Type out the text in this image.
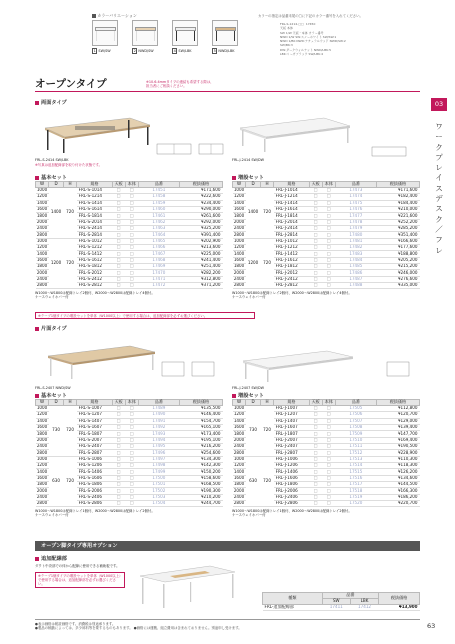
カラーバリエーション
1 SW/SW	2 NWD/SW	4 SW/LBK	5 NWD/LBK
カラーの指定は品番末尾の□に下記のカラー番号を入れてください。
FRL-S-1214-□□ 17450
天板 本体
SW 1/W 天板・本体 カラー番号
NWD 1/W SW:スノーホワイト SW/SW:1
NWD 1/BK NWD:ナチュラルウッド NWD/SW:2
SW/BK:3
DW:ダークウォルナット NWD/LBK:5
LBK:リーガブラック SW/LBK:4
オープンタイプ	※10.6.4mmタイプの連結も希望する際は、
担当者にご相談ください。
03
ワ
ー
ク
プ
レ
イ
ス
デ
ス
ク
／
フ
レ
両面タイプ
FRL-S-2414 SW/LBK
※写真は追加配線部を取り付けた状態です。
FRL-J-2414 SW/DW
基本セット	増設セット
W	D	H	規格	天板	本体	品番	税抜価格
1000	1400	720	FRL-S-1014	□	□	17451	¥171,600
1200			FRL-S-1214	□	□	17458	¥222,600
1400			FRL-S-1414	□	□	17459	¥234,400
1600			FRL-S-1614	□	□	17460	¥290,000
1800			FRL-S-1814	□	□	17461	¥261,600
2000			FRL-S-2014	□	□	17462	¥292,000
2400			FRL-S-2414	□	□	17463	¥325,200
2800			FRL-S-2814	□	□	17464	¥391,400
1000	1200	720	FRL-S-1012	□	□	17465	¥202,900
1200			FRL-S-1212	□	□	17466	¥213,600
1400			FRL-S-1412	□	□	17467	¥225,000
1600			FRL-S-1612	□	□	17468	¥241,400
1800			FRL-S-1812	□	□	17469	¥251,400
2000			FRL-S-2012	□	□	17470	¥282,200
2400			FRL-S-2412	□	□	17471	¥312,800
2800			FRL-S-2812	□	□	17472	¥371,200
W	D	H	規格	天板	本体	品番	税抜価格
1000	1400	720	FRL-J-1014	□	□	17473	¥171,600
1200			FRL-J-1214	□	□	17474	¥182,400
1400			FRL-J-1414	□	□	17475	¥184,400
1600			FRL-J-1614	□	□	17476	¥210,000
1800			FRL-J-1814	□	□	17477	¥221,600
2000			FRL-J-2014	□	□	17478	¥252,200
2400			FRL-J-2414	□	□	17479	¥285,200
2800			FRL-J-2814	□	□	17480	¥351,400
1000	1200	720	FRL-J-1012	□	□	17481	¥166,600
1200			FRL-J-1212	□	□	17482	¥177,600
1400			FRL-J-1412	□	□	17483	¥188,800
1600			FRL-J-1612	□	□	17484	¥205,200
1800			FRL-J-1812	□	□	17485	¥215,200
2000			FRL-J-2012	□	□	17486	¥246,000
2400			FRL-J-2412	□	□	17487	¥276,600
2800			FRL-J-2812	□	□	17488	¥335,000
W1000〜W1800は配線トレイ2個付、W2000〜W2800は配線トレイ4個付。
ケースウェイホバー付
W1000〜W1800は配線トレイ2個付、W2000〜W2800は配線トレイ4個付。
ケースウェイホバー付
※テーブ1個タイプの増設セットを単体（W1000以上）で使用する場合は、追加配線部を必ずお選びください。
片面タイプ
FRL-S-2407 NWD/SW	FRL-J-2407 SW/DW
基本セット	増設セット
W	D	H	規格	天板	本体	品番	税抜価格
1000	730	720	FRL-S-1007	□	□	17489	¥135,500
1200			FRL-S-1207	□	□	17490	¥146,400
1400			FRL-S-1407	□	□	17491	¥154,700
1600			FRL-S-1607	□	□	17492	¥165,100
1800			FRL-S-1807	□	□	17493	¥173,400
2000			FRL-S-2007	□	□	17494	¥195,100
2400			FRL-S-2407	□	□	17495	¥216,200
2800			FRL-S-2807	□	□	17496	¥254,600
1000	630	720	FRL-S-1006	□	□	17497	¥134,300
1200			FRL-S-1206	□	□	17498	¥142,300
1400			FRL-S-1406	□	□	17499	¥150,200
1600			FRL-S-1606	□	□	17500	¥158,600
1800			FRL-S-1806	□	□	17501	¥168,500
2000			FRL-S-2006	□	□	17502	¥190,300
2400			FRL-S-2406	□	□	17503	¥210,200
2800			FRL-S-2806	□	□	17504	¥244,700
W	D	H	規格	天板	本体	品番	税抜価格
1000	730	720	FRL-J-1007	□	□	17505	¥112,800
1200			FRL-J-1207	□	□	17506	¥120,700
1400			FRL-J-1407	□	□	17507	¥129,000
1600			FRL-J-1607	□	□	17508	¥139,400
1800			FRL-J-1807	□	□	17509	¥147,700
2000			FRL-J-2007	□	□	17510	¥169,400
2400			FRL-J-2407	□	□	17511	¥190,500
2800			FRL-J-2807	□	□	17512	¥228,900
1000	630	720	FRL-J-1006	□	□	17513	¥110,300
1200			FRL-J-1206	□	□	17514	¥118,300
1400			FRL-J-1406	□	□	17515	¥126,200
1600			FRL-J-1606	□	□	17516	¥134,600
1800			FRL-J-1806	□	□	17517	¥144,500
2000			FRL-J-2006	□	□	17518	¥166,300
2400			FRL-J-2406	□	□	17519	¥186,200
2800			FRL-J-2806	□	□	17520	¥220,700
W1000〜W1800は配線トレイ1個付、W2000〜W2800は配線トレイ2個付。
ケースウェイホバー付
W1000〜W1800は配線トレイ1個付、W2000〜W2800は配線トレイ2個付。
ケースウェイホバー付
オープン脚タイプ専用オプション
追加配線部
ダクト中央部での体から配線に使用できる補助板です。
※テーブ1個タイプの増設セットを単体（W1000以上）
で使用する場合は、追加配線部を必ずお選びください。
種類	品番		税抜価格
	SW	LBK	
FRL-追加配線部	17411	17412	¥13,900
●表示価格は税抜価格です。消費税は別途承ります。
●製品の稿動によっては、多少斜料等を要するものもあります。 ●価格には運搬、組立費用は含まれておりません。別途申し受けます。	63
